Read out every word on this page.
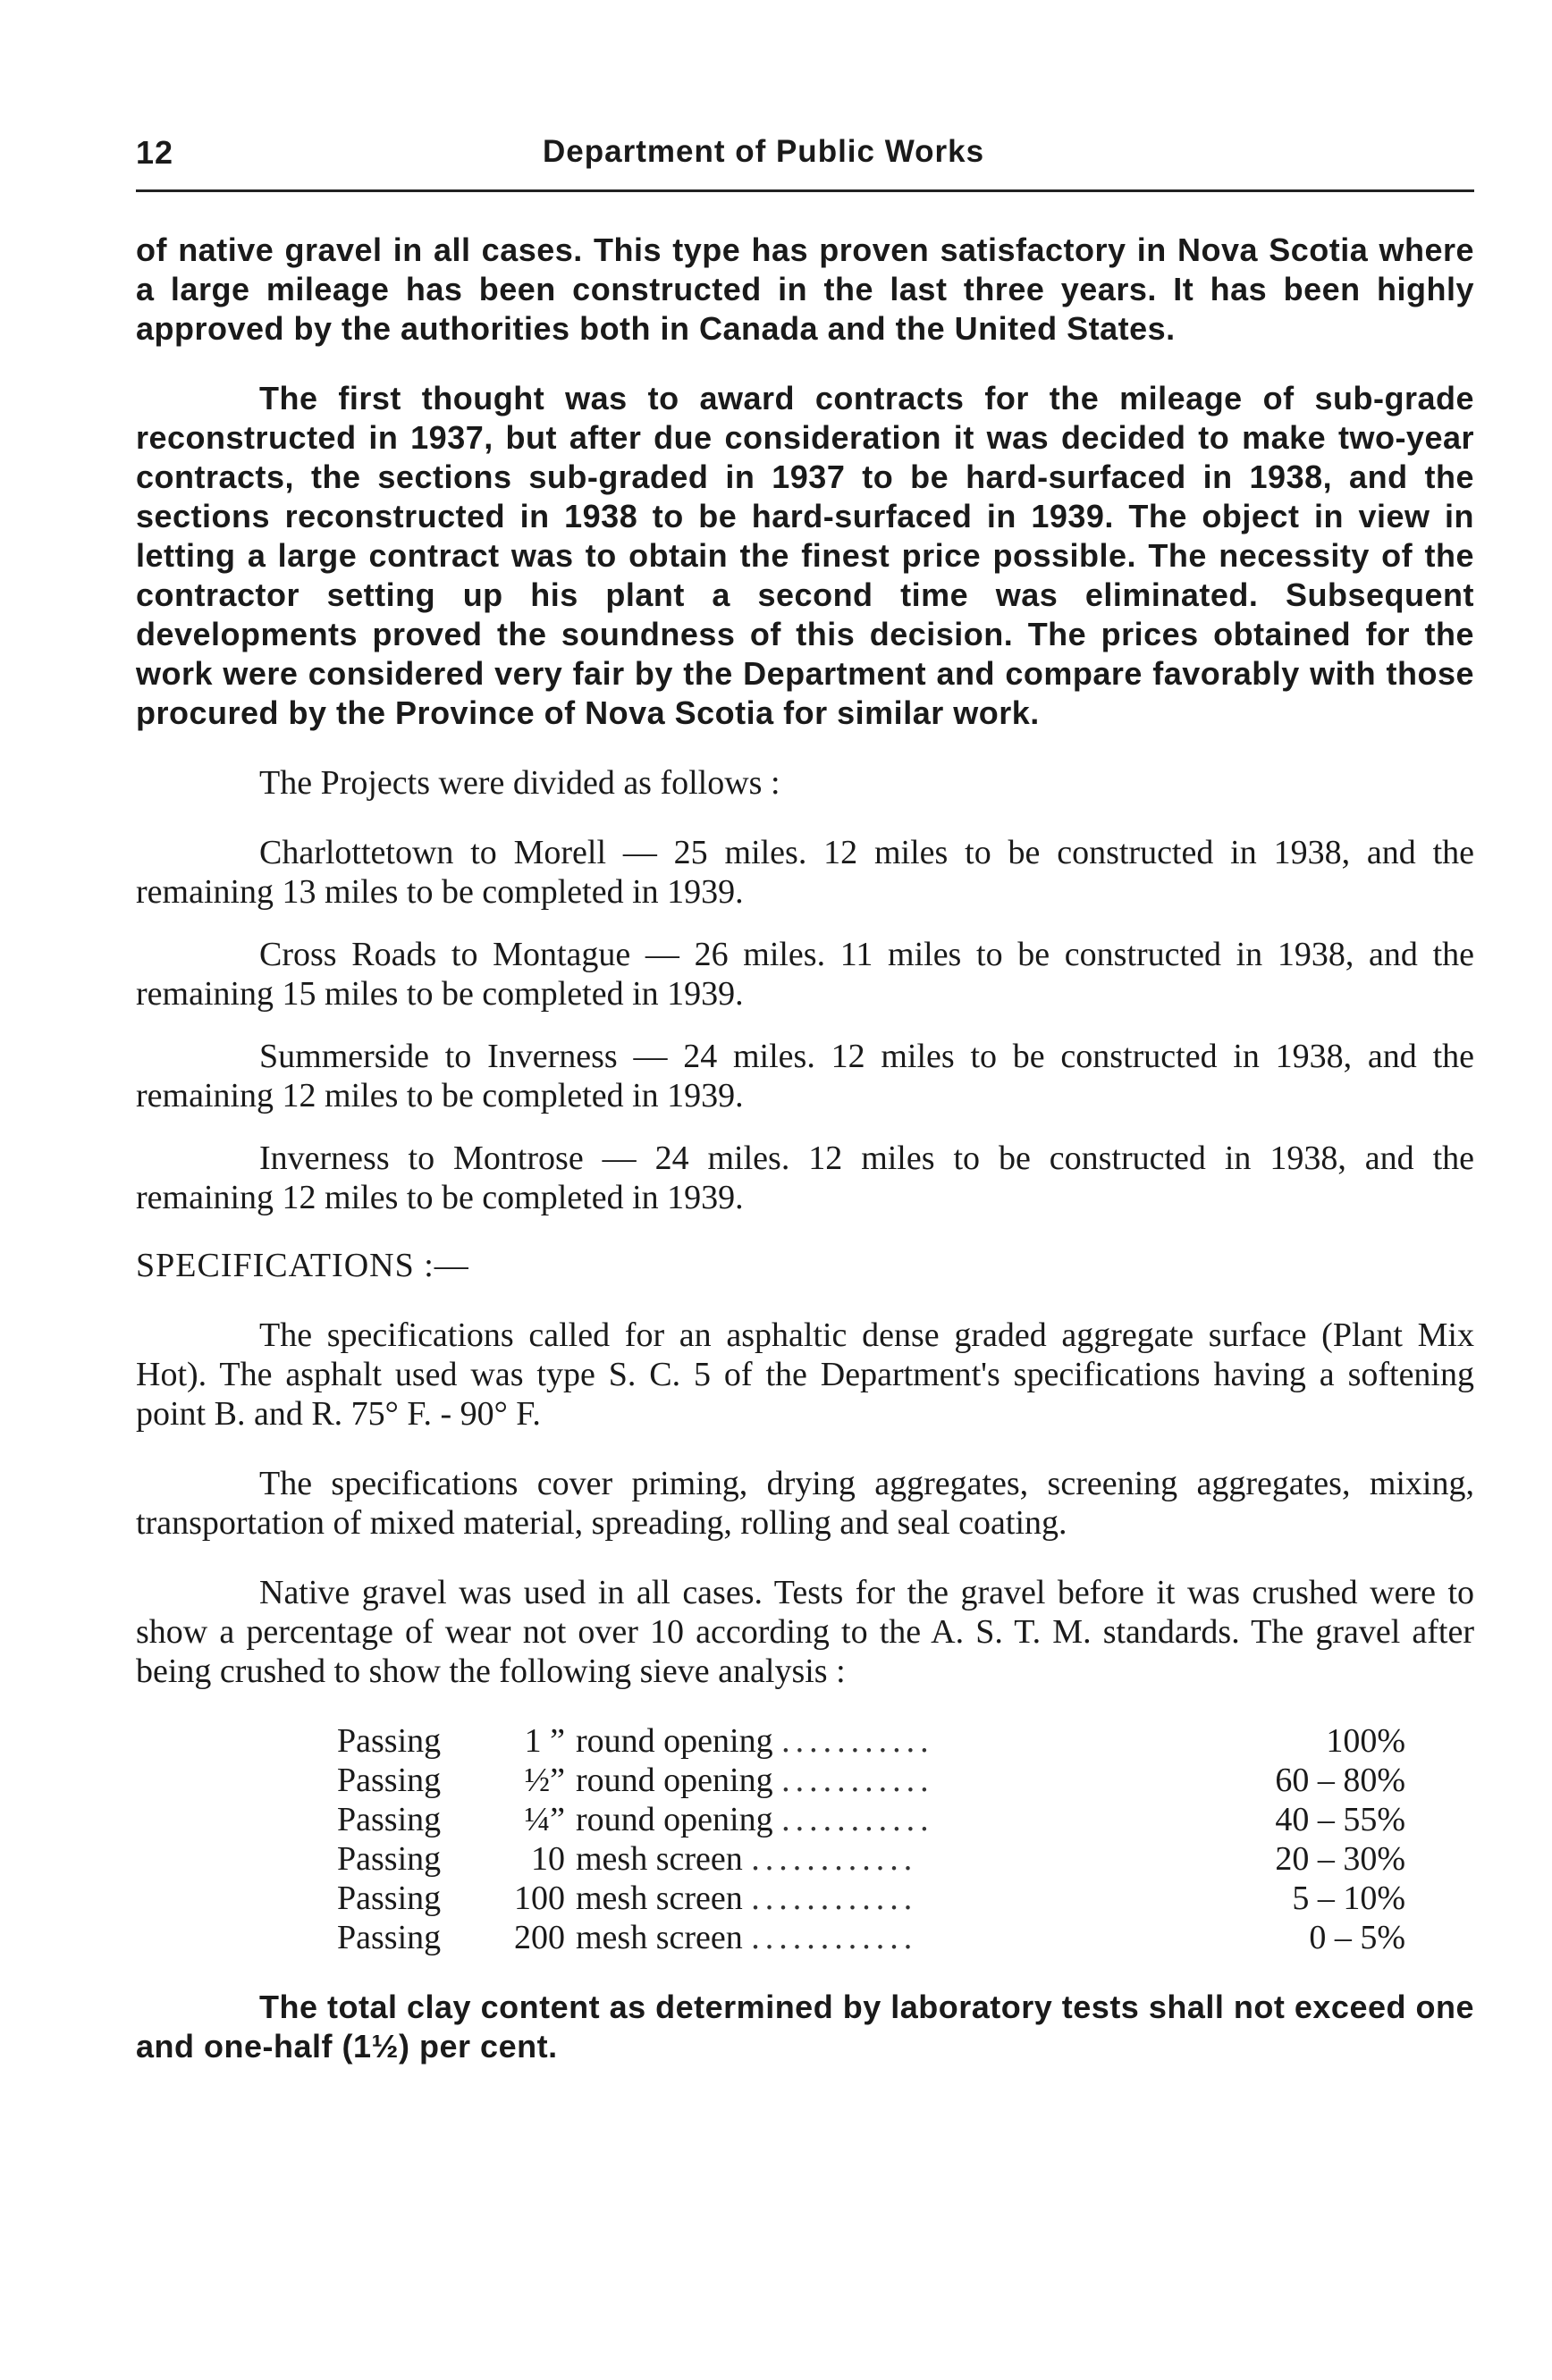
12	Department of Public Works

of native gravel in all cases. This type has proven satisfactory in Nova Scotia where a large mileage has been constructed in the last three years. It has been highly approved by the authorities both in Canada and the United States.

The first thought was to award contracts for the mileage of sub-grade reconstructed in 1937, but after due consideration it was decided to make two-year contracts, the sections sub-graded in 1937 to be hard-surfaced in 1938, and the sections reconstructed in 1938 to be hard-surfaced in 1939. The object in view in letting a large contract was to obtain the finest price possible. The necessity of the contractor setting up his plant a second time was eliminated. Subsequent developments proved the soundness of this decision. The prices obtained for the work were considered very fair by the Department and compare favorably with those procured by the Province of Nova Scotia for similar work.

The Projects were divided as follows :

Charlottetown to Morell — 25 miles. 12 miles to be constructed in 1938, and the remaining 13 miles to be completed in 1939.

Cross Roads to Montague — 26 miles. 11 miles to be constructed in 1938, and the remaining 15 miles to be completed in 1939.

Summerside to Inverness — 24 miles. 12 miles to be constructed in 1938, and the remaining 12 miles to be completed in 1939.

Inverness to Montrose — 24 miles. 12 miles to be constructed in 1938, and the remaining 12 miles to be completed in 1939.

SPECIFICATIONS :—

The specifications called for an asphaltic dense graded aggregate surface (Plant Mix Hot). The asphalt used was type S. C. 5 of the Department's specifications having a softening point B. and R. 75° F. - 90° F.

The specifications cover priming, drying aggregates, screening aggregates, mixing, transportation of mixed material, spreading, rolling and seal coating.

Native gravel was used in all cases. Tests for the gravel before it was crushed were to show a percentage of wear not over 10 according to the A. S. T. M. standards. The gravel after being crushed to show the following sieve analysis :

Passing	1 ”	round opening ...........	100%
Passing	½”	round opening ...........	60 – 80%
Passing	¼”	round opening ...........	40 – 55%
Passing	10	mesh screen ............	20 – 30%
Passing	100	mesh screen ............	5 – 10%
Passing	200	mesh screen ............	0 – 5%

The total clay content as determined by laboratory tests shall not exceed one and one-half (1½) per cent.
